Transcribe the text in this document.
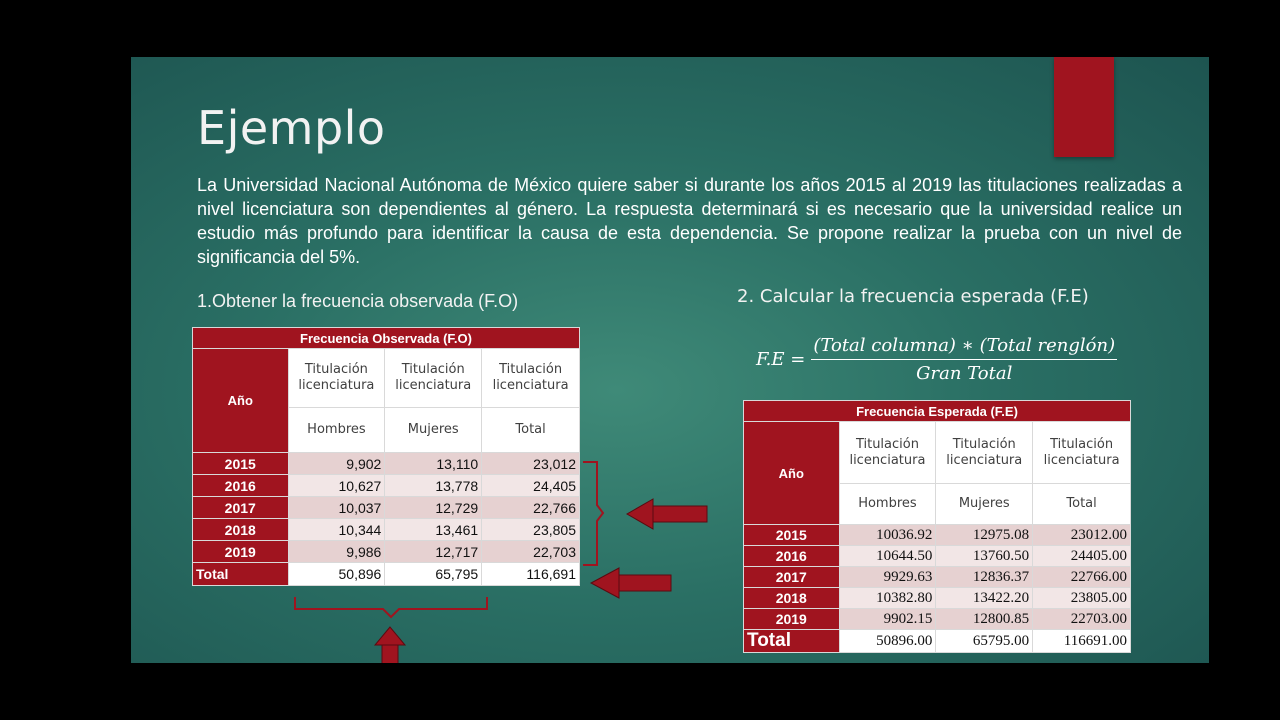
Ejemplo

La Universidad Nacional Autónoma de México quiere saber si durante los años 2015 al 2019 las titulaciones realizadas a nivel licenciatura son dependientes al género. La respuesta determinará si es necesario que la universidad realice un estudio más profundo para identificar la causa de esta dependencia. Se propone realizar la prueba con un nivel de significancia del 5%.

1.Obtener la frecuencia observada (F.O)	2. Calcular la frecuencia esperada (F.E)
$F.E = \frac{\text{(Total columna) ∗ (Total renglón)}}{\text{Gran Total}}$
Frecuencia Observada (F.O)			
Año	Titulación licenciatura	Titulación licenciatura	Titulación licenciatura
	Hombres	Mujeres	Total
2015	9,902	13,110	23,012
2016	10,627	13,778	24,405
2017	10,037	12,729	22,766
2018	10,344	13,461	23,805
2019	9,986	12,717	22,703
Total	50,896	65,795	116,691
Frecuencia Esperada (F.E)			
Año	Titulación licenciatura	Titulación licenciatura	Titulación licenciatura
	Hombres	Mujeres	Total
2015	10036.92	12975.08	23012.00
2016	10644.50	13760.50	24405.00
2017	9929.63	12836.37	22766.00
2018	10382.80	13422.20	23805.00
2019	9902.15	12800.85	22703.00
Total	50896.00	65795.00	116691.00
